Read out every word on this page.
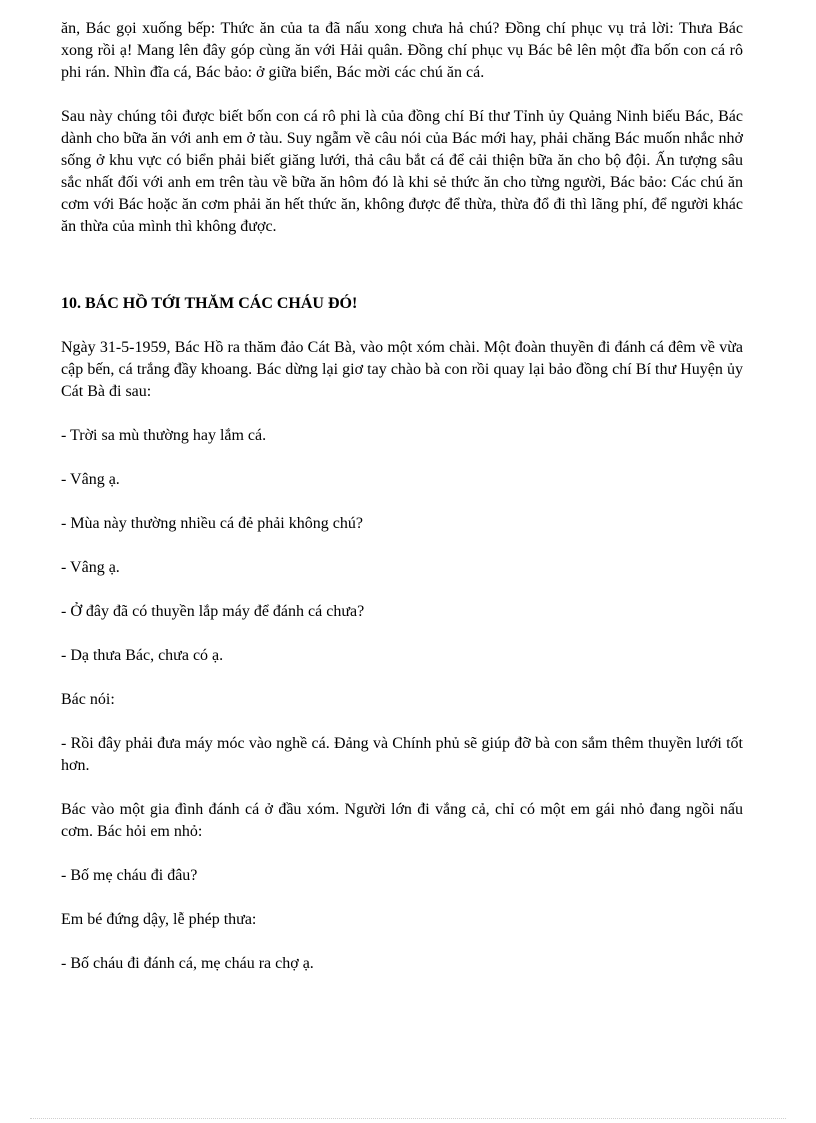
ăn, Bác gọi xuống bếp: Thức ăn của ta đã nấu xong chưa hả chú? Đồng chí phục vụ trả lời: Thưa Bác xong rồi ạ! Mang lên đây góp cùng ăn với Hải quân. Đồng chí phục vụ Bác bê lên một đĩa bốn con cá rô phi rán. Nhìn đĩa cá, Bác bảo: ở giữa biển, Bác mời các chú ăn cá.

Sau này chúng tôi được biết bốn con cá rô phi là của đồng chí Bí thư Tỉnh ủy Quảng Ninh biếu Bác, Bác dành cho bữa ăn với anh em ở tàu. Suy ngẫm về câu nói của Bác mới hay, phải chăng Bác muốn nhắc nhở sống ở khu vực có biển phải biết giăng lưới, thả câu bắt cá để cải thiện bữa ăn cho bộ đội. Ấn tượng sâu sắc nhất đối với anh em trên tàu về bữa ăn hôm đó là khi sẻ thức ăn cho từng người, Bác bảo: Các chú ăn cơm với Bác hoặc ăn cơm phải ăn hết thức ăn, không được để thừa, thừa đổ đi thì lãng phí, để người khác ăn thừa của mình thì không được.

10. BÁC HỒ TỚI THĂM CÁC CHÁU ĐÓ!

Ngày 31-5-1959, Bác Hồ ra thăm đảo Cát Bà, vào một xóm chài. Một đoàn thuyền đi đánh cá đêm về vừa cập bến, cá trắng đầy khoang. Bác dừng lại giơ tay chào bà con rồi quay lại bảo đồng chí Bí thư Huyện ủy Cát Bà đi sau:

- Trời sa mù thường hay lắm cá.

- Vâng ạ.

- Mùa này thường nhiều cá đẻ phải không chú?

- Vâng ạ.

- Ở đây đã có thuyền lắp máy để đánh cá chưa?

- Dạ thưa Bác, chưa có ạ.

Bác nói:

- Rồi đây phải đưa máy móc vào nghề cá. Đảng và Chính phủ sẽ giúp đỡ bà con sắm thêm thuyền lưới tốt hơn.

Bác vào một gia đình đánh cá ở đầu xóm. Người lớn đi vắng cả, chỉ có một em gái nhỏ đang ngồi nấu cơm. Bác hỏi em nhỏ:

- Bố mẹ cháu đi đâu?

Em bé đứng dậy, lễ phép thưa:

- Bố cháu đi đánh cá, mẹ cháu ra chợ ạ.
